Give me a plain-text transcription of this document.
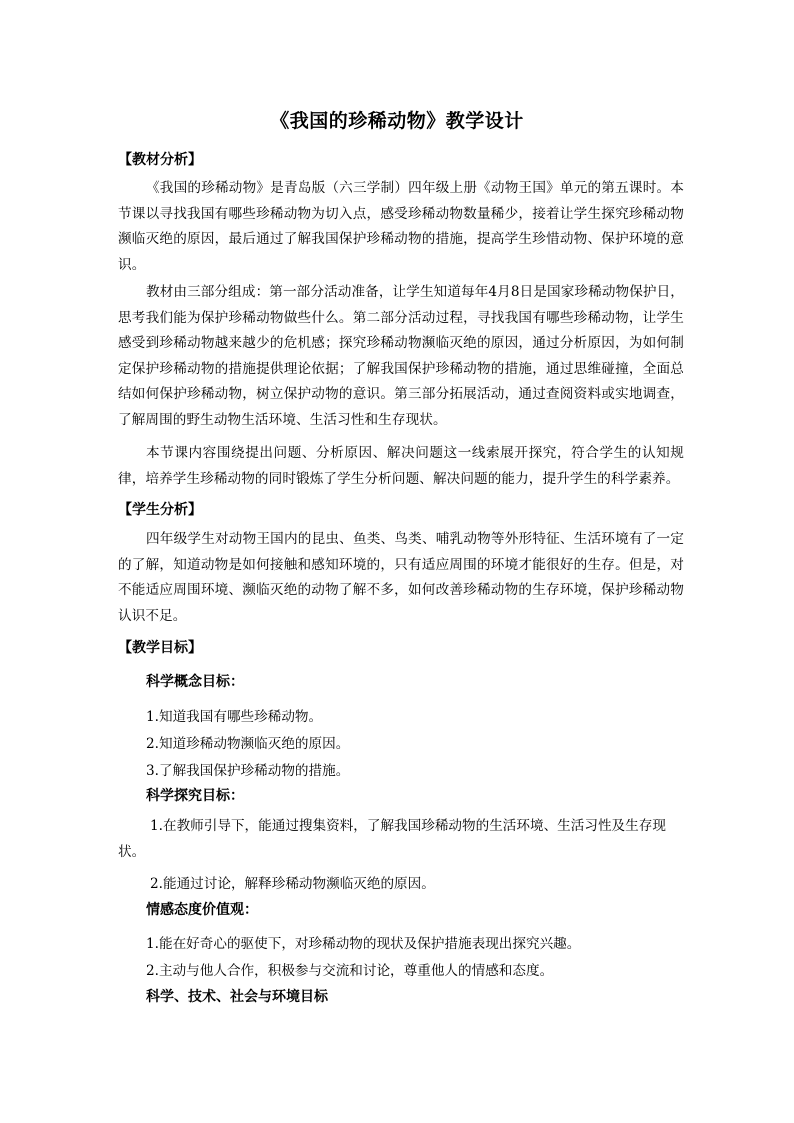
《我国的珍稀动物》教学设计
【教材分析】
《我国的珍稀动物》是青岛版（六三学制）四年级上册《动物王国》单元的第五课时。本节课以寻找我国有哪些珍稀动物为切入点，感受珍稀动物数量稀少，接着让学生探究珍稀动物濒临灭绝的原因，最后通过了解我国保护珍稀动物的措施，提高学生珍惜动物、保护环境的意识。
教材由三部分组成：第一部分活动准备，让学生知道每年4月8日是国家珍稀动物保护日，思考我们能为保护珍稀动物做些什么。第二部分活动过程，寻找我国有哪些珍稀动物，让学生感受到珍稀动物越来越少的危机感；探究珍稀动物濒临灭绝的原因，通过分析原因，为如何制定保护珍稀动物的措施提供理论依据；了解我国保护珍稀动物的措施，通过思维碰撞，全面总结如何保护珍稀动物，树立保护动物的意识。第三部分拓展活动，通过查阅资料或实地调查，了解周围的野生动物生活环境、生活习性和生存现状。
本节课内容围绕提出问题、分析原因、解决问题这一线索展开探究，符合学生的认知规律，培养学生珍稀动物的同时锻炼了学生分析问题、解决问题的能力，提升学生的科学素养。
【学生分析】
四年级学生对动物王国内的昆虫、鱼类、鸟类、哺乳动物等外形特征、生活环境有了一定的了解，知道动物是如何接触和感知环境的，只有适应周围的环境才能很好的生存。但是，对不能适应周围环境、濒临灭绝的动物了解不多，如何改善珍稀动物的生存环境，保护珍稀动物认识不足。
【教学目标】
科学概念目标：
1.知道我国有哪些珍稀动物。
2.知道珍稀动物濒临灭绝的原因。
3.了解我国保护珍稀动物的措施。
科学探究目标：
1.在教师引导下，能通过搜集资料，了解我国珍稀动物的生活环境、生活习性及生存现状。
2.能通过讨论，解释珍稀动物濒临灭绝的原因。
情感态度价值观：
1.能在好奇心的驱使下，对珍稀动物的现状及保护措施表现出探究兴趣。
2.主动与他人合作，积极参与交流和讨论，尊重他人的情感和态度。
科学、技术、社会与环境目标
